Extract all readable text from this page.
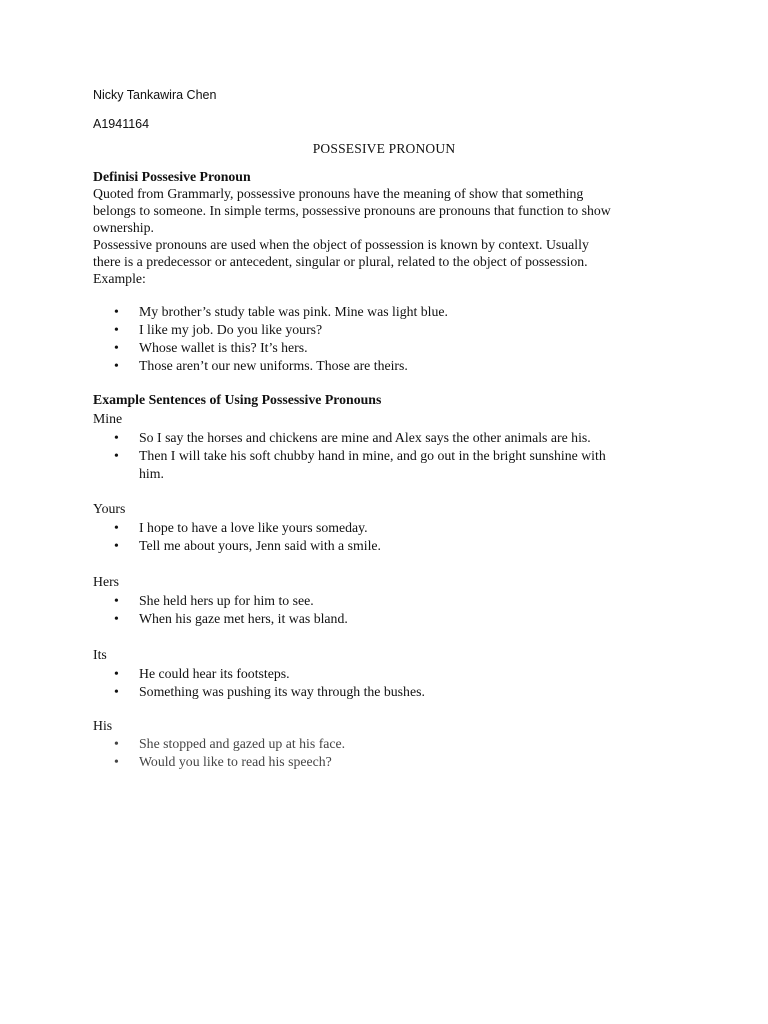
Nicky Tankawira Chen
A1941164
POSSESIVE PRONOUN
Definisi Possesive Pronoun

Quoted from Grammarly, possessive pronouns have the meaning of show that something

belongs to someone. In simple terms, possessive pronouns are pronouns that function to show

ownership.

Possessive pronouns are used when the object of possession is known by context. Usually

there is a predecessor or antecedent, singular or plural, related to the object of possession.

Example:

• My brother’s study table was pink. Mine was light blue.
• I like my job. Do you like yours?
• Whose wallet is this? It’s hers.
• Those aren’t our new uniforms. Those are theirs.
Example Sentences of Using Possessive Pronouns
Mine
• So I say the horses and chickens are mine and Alex says the other animals are his.
• Then I will take his soft chubby hand in mine, and go out in the bright sunshine with
him.
Yours
• I hope to have a love like yours someday.
• Tell me about yours, Jenn said with a smile.
Hers
• She held hers up for him to see.
• When his gaze met hers, it was bland.
Its
• He could hear its footsteps.
• Something was pushing its way through the bushes.
His
• She stopped and gazed up at his face.
• Would you like to read his speech?
